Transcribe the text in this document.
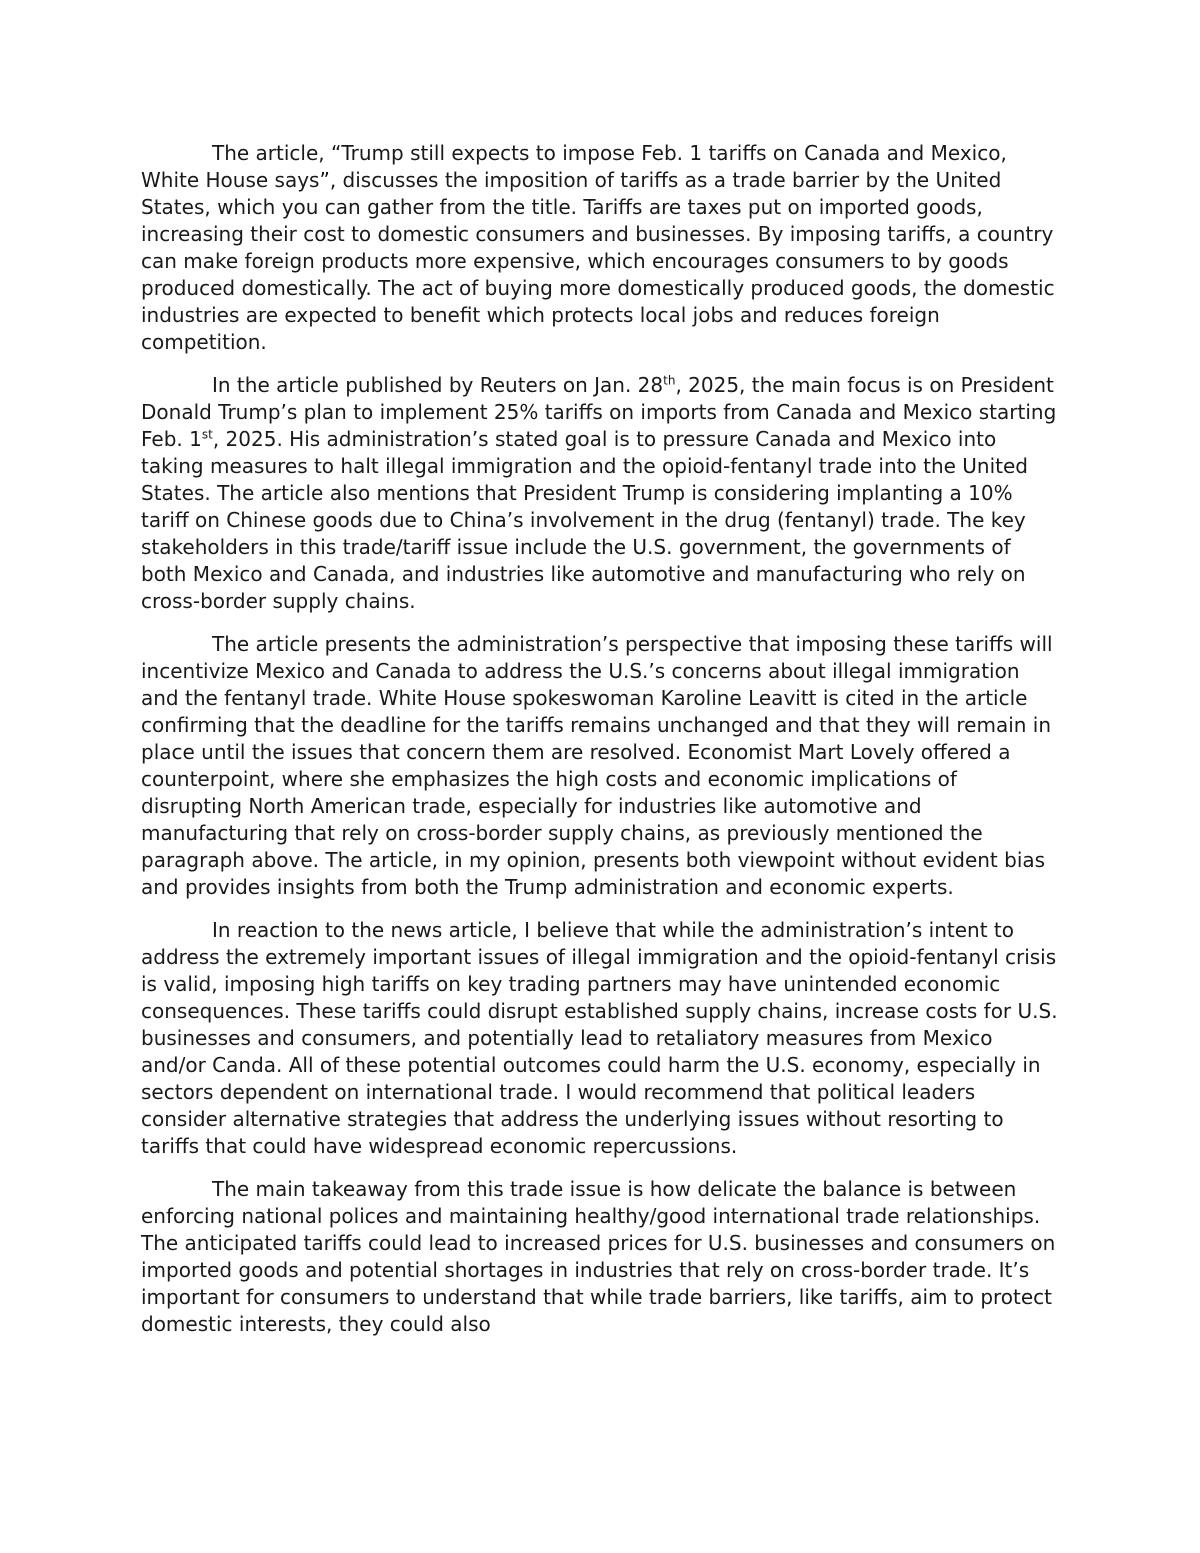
The article, “Trump still expects to impose Feb. 1 tariffs on Canada and Mexico, White House says”, discusses the imposition of tariffs as a trade barrier by the United States, which you can gather from the title. Tariffs are taxes put on imported goods, increasing their cost to domestic consumers and businesses. By imposing tariffs, a country can make foreign products more expensive, which encourages consumers to by goods produced domestically. The act of buying more domestically produced goods, the domestic industries are expected to benefit which protects local jobs and reduces foreign competition.

In the article published by Reuters on Jan. 28th, 2025, the main focus is on President Donald Trump’s plan to implement 25% tariffs on imports from Canada and Mexico starting Feb. 1st, 2025. His administration’s stated goal is to pressure Canada and Mexico into taking measures to halt illegal immigration and the opioid-fentanyl trade into the United States. The article also mentions that President Trump is considering implanting a 10% tariff on Chinese goods due to China’s involvement in the drug (fentanyl) trade. The key stakeholders in this trade/tariff issue include the U.S. government, the governments of both Mexico and Canada, and industries like automotive and manufacturing who rely on cross-border supply chains.

The article presents the administration’s perspective that imposing these tariffs will incentivize Mexico and Canada to address the U.S.’s concerns about illegal immigration and the fentanyl trade. White House spokeswoman Karoline Leavitt is cited in the article confirming that the deadline for the tariffs remains unchanged and that they will remain in place until the issues that concern them are resolved. Economist Mart Lovely offered a counterpoint, where she emphasizes the high costs and economic implications of disrupting North American trade, especially for industries like automotive and manufacturing that rely on cross-border supply chains, as previously mentioned the paragraph above. The article, in my opinion, presents both viewpoint without evident bias and provides insights from both the Trump administration and economic experts.

In reaction to the news article, I believe that while the administration’s intent to address the extremely important issues of illegal immigration and the opioid-fentanyl crisis is valid, imposing high tariffs on key trading partners may have unintended economic consequences. These tariffs could disrupt established supply chains, increase costs for U.S. businesses and consumers, and potentially lead to retaliatory measures from Mexico and/or Canda. All of these potential outcomes could harm the U.S. economy, especially in sectors dependent on international trade. I would recommend that political leaders consider alternative strategies that address the underlying issues without resorting to tariffs that could have widespread economic repercussions.

The main takeaway from this trade issue is how delicate the balance is between enforcing national polices and maintaining healthy/good international trade relationships. The anticipated tariffs could lead to increased prices for U.S. businesses and consumers on imported goods and potential shortages in industries that rely on cross-border trade. It’s important for consumers to understand that while trade barriers, like tariffs, aim to protect domestic interests, they could also
